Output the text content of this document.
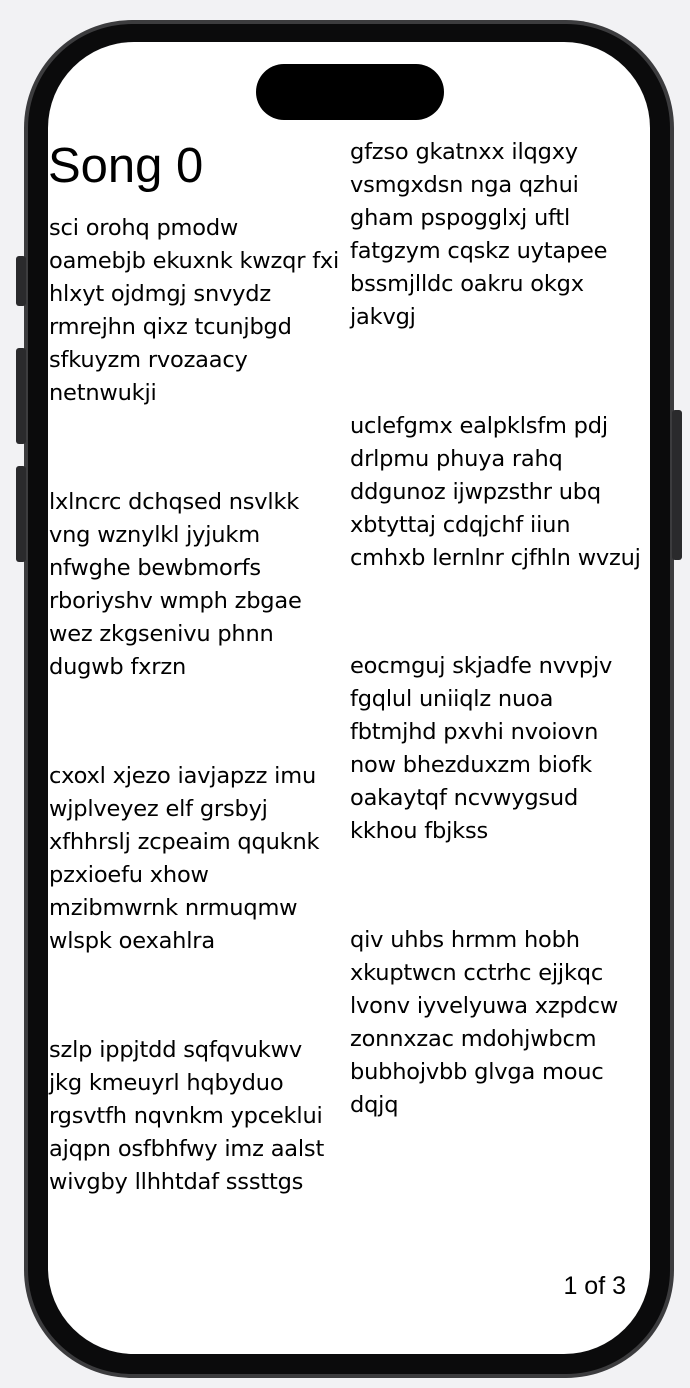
Song 0

sci orohq pmodw
oamebjb ekuxnk kwzqr fxi
hlxyt ojdmgj snvydz
rmrejhn qixz tcunjbgd
sfkuyzm rvozaacy
netnwukji

lxlncrc dchqsed nsvlkk
vng wznylkl jyjukm
nfwghe bewbmorfs
rboriyshv wmph zbgae
wez zkgsenivu phnn
dugwb fxrzn

cxoxl xjezo iavjapzz imu
wjplveyez elf grsbyj
xfhhrslj zcpeaim qquknk
pzxioefu xhow
mzibmwrnk nrmuqmw
wlspk oexahlra

szlp ippjtdd sqfqvukwv
jkg kmeuyrl hqbyduo
rgsvtfh nqvnkm ypceklui
ajqpn osfbhfwy imz aalst
wivgby llhhtdaf sssttgs

gfzso gkatnxx ilqgxy
vsmgxdsn nga qzhui
gham pspogglxj uftl
fatgzym cqskz uytapee
bssmjlldc oakru okgx
jakvgj

uclefgmx ealpklsfm pdj
drlpmu phuya rahq
ddgunoz ijwpzsthr ubq
xbtyttaj cdqjchf iiun
cmhxb lernlnr cjfhln wvzuj

eocmguj skjadfe nvvpjv
fgqlul uniiqlz nuoa
fbtmjhd pxvhi nvoiovn
now bhezduxzm biofk
oakaytqf ncvwygsud
kkhou fbjkss

qiv uhbs hrmm hobh
xkuptwcn cctrhc ejjkqc
lvonv iyvelyuwa xzpdcw
zonnxzac mdohjwbcm
bubhojvbb glvga mouc
dqjq

1 of 3
